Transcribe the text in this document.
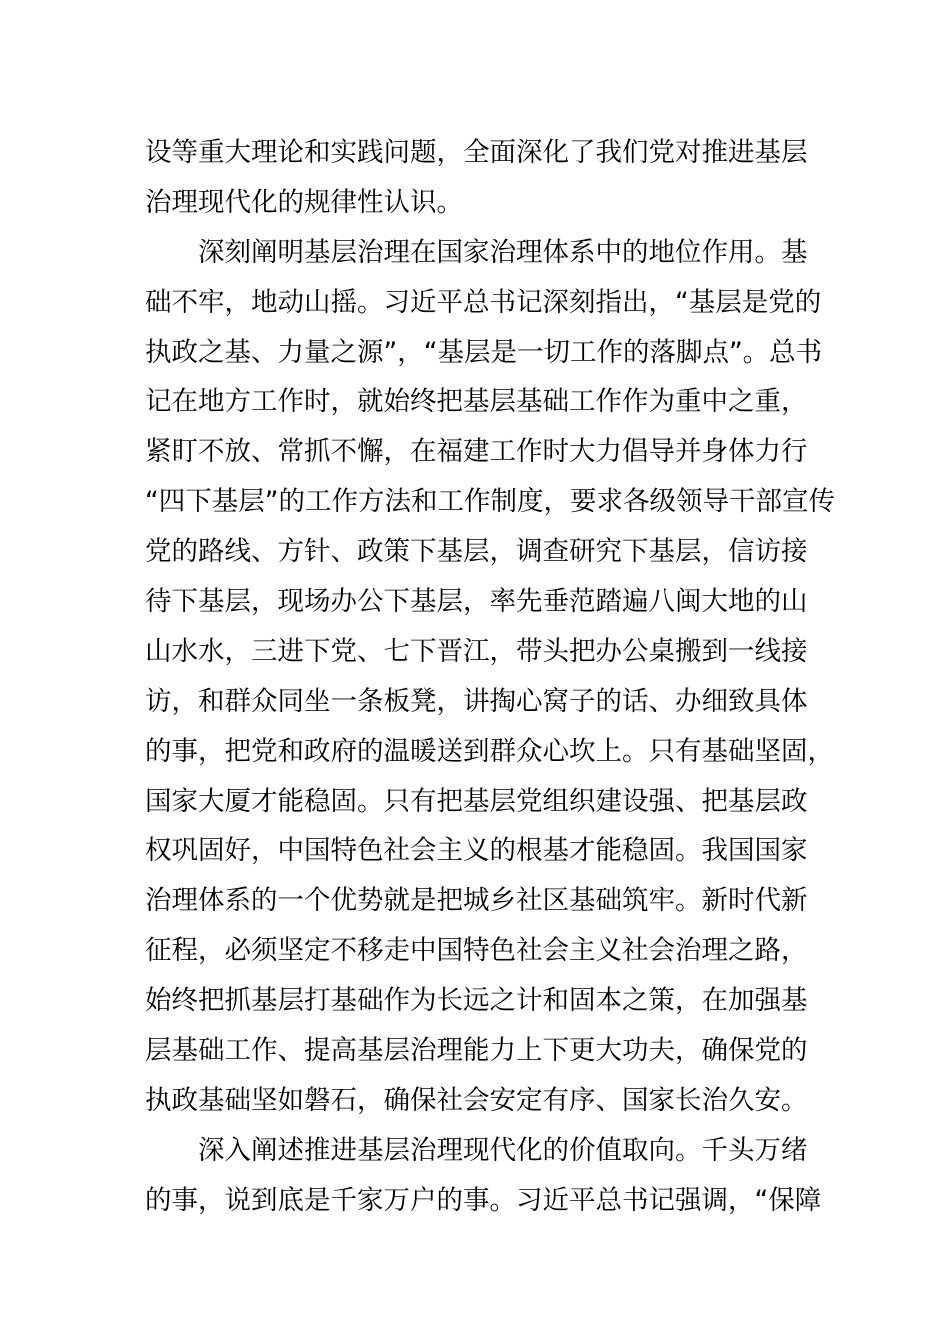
设等重大理论和实践问题，全面深化了我们党对推进基层
治理现代化的规律性认识。
深刻阐明基层治理在国家治理体系中的地位作用。基
础不牢，地动山摇。习近平总书记深刻指出，“基层是党的
执政之基、力量之源”，“基层是一切工作的落脚点”。总书
记在地方工作时，就始终把基层基础工作作为重中之重，
紧盯不放、常抓不懈，在福建工作时大力倡导并身体力行
“四下基层”的工作方法和工作制度，要求各级领导干部宣传
党的路线、方针、政策下基层，调查研究下基层，信访接
待下基层，现场办公下基层，率先垂范踏遍八闽大地的山
山水水，三进下党、七下晋江，带头把办公桌搬到一线接
访，和群众同坐一条板凳，讲掏心窝子的话、办细致具体
的事，把党和政府的温暖送到群众心坎上。只有基础坚固，
国家大厦才能稳固。只有把基层党组织建设强、把基层政
权巩固好，中国特色社会主义的根基才能稳固。我国国家
治理体系的一个优势就是把城乡社区基础筑牢。新时代新
征程，必须坚定不移走中国特色社会主义社会治理之路，
始终把抓基层打基础作为长远之计和固本之策，在加强基
层基础工作、提高基层治理能力上下更大功夫，确保党的
执政基础坚如磐石，确保社会安定有序、国家长治久安。
深入阐述推进基层治理现代化的价值取向。千头万绪
的事，说到底是千家万户的事。习近平总书记强调，“保障
